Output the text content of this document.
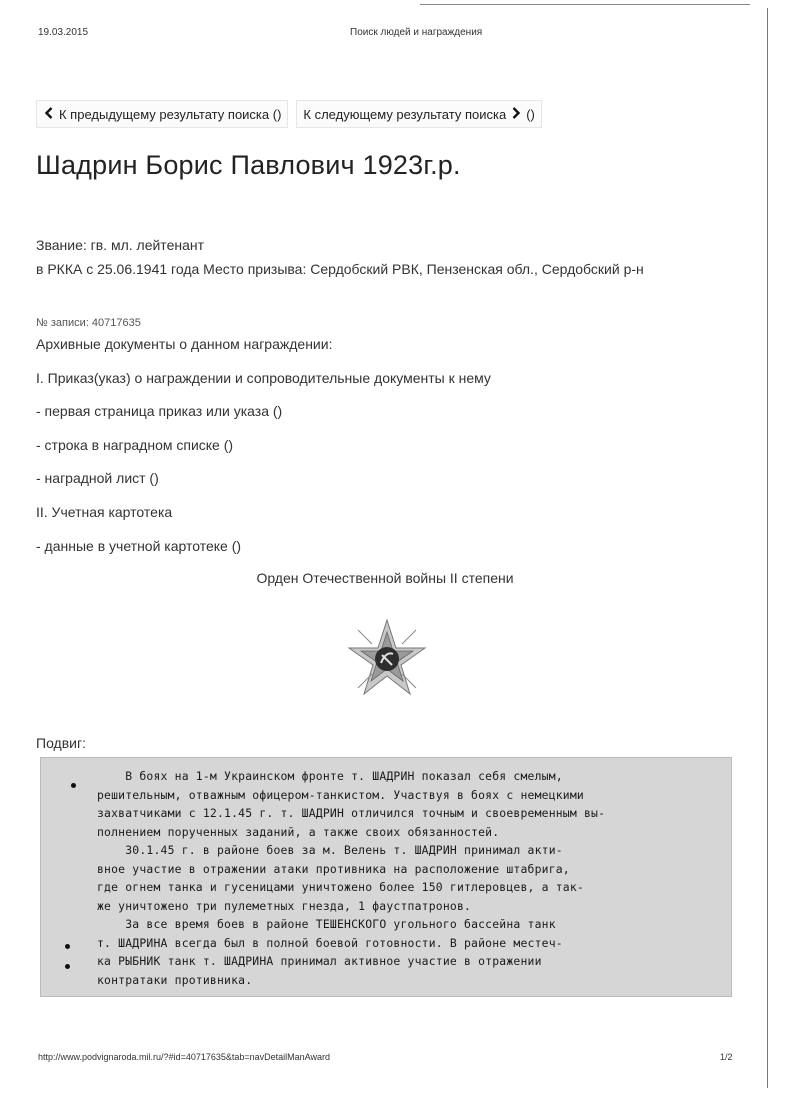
19.03.2015	Поиск людей и награждения
К предыдущему результату поиска () К следующему результату поиска ()
Шадрин Борис Павлович 1923г.р.
Звание: гв. мл. лейтенант
в РККА с 25.06.1941 года Место призыва: Сердобский РВК, Пензенская обл., Сердобский р-н
№ записи: 40717635
Архивные документы о данном награждении:
I. Приказ(указ) о награждении и сопроводительные документы к нему
- первая страница приказ или указа ()
- строка в наградном списке ()
- наградной лист ()
II. Учетная картотека
- данные в учетной картотеке ()
Орден Отечественной войны II степени
Подвиг:
В боях на 1-м Украинском фронте т. ШАДРИН показал себя смелым,
решительным, отважным офицером-танкистом. Участвуя в боях с немецкими
захватчиками с 12.1.45 г. т. ШАДРИН отличился точным и своевременным вы-
полнением порученных заданий, а также своих обязанностей.
30.1.45 г. в районе боев за м. Велень т. ШАДРИН принимал акти-
вное участие в отражении атаки противника на расположение штабрига,
где огнем танка и гусеницами уничтожено более 150 гитлеровцев, а так-
же уничтожено три пулеметных гнезда, 1 фаустпатронов.
За все время боев в районе ТЕШЕНСКОГО угольного бассейна танк
т. ШАДРИНА всегда был в полной боевой готовности. В районе местеч-
ка РЫБНИК танк т. ШАДРИНА принимал активное участие в отражении
контратаки противника.
http://www.podvignaroda.mil.ru/?#id=40717635&tab=navDetailManAward	1/2
